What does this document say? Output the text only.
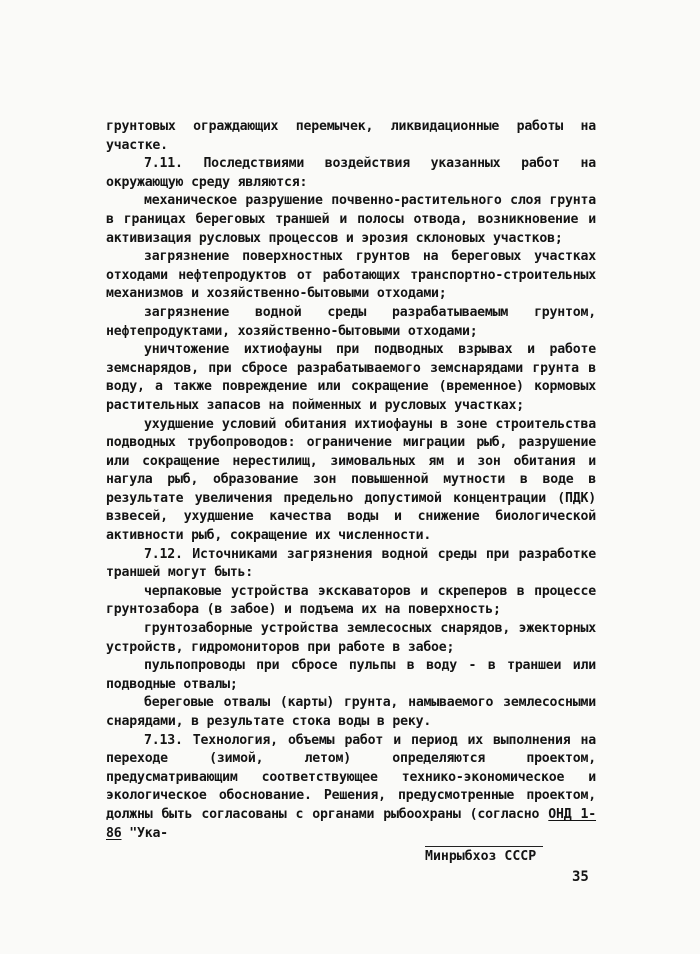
грунтовых ограждающих перемычек, ликвидационные работы на участке.

7.11. Последствиями воздействия указанных работ на окружающую среду являются:

механическое разрушение почвенно-растительного слоя грунта в границах береговых траншей и полосы отвода, возникновение и активизация русловых процессов и эрозия склоновых участков;

загрязнение поверхностных грунтов на береговых участках отходами нефтепродуктов от работающих транспортно-строительных механизмов и хозяйственно-бытовыми отходами;

загрязнение водной среды разрабатываемым грунтом, нефтепродуктами, хозяйственно-бытовыми отходами;

уничтожение ихтиофауны при подводных взрывах и работе земснарядов, при сбросе разрабатываемого земснарядами грунта в воду, а также повреждение или сокращение (временное) кормовых растительных запасов на пойменных и русловых участках;

ухудшение условий обитания ихтиофауны в зоне строительства подводных трубопроводов: ограничение миграции рыб, разрушение или сокращение нерестилищ, зимовальных ям и зон обитания и нагула рыб, образование зон повышенной мутности в воде в результате увеличения предельно допустимой концентрации (ПДК) взвесей, ухудшение качества воды и снижение биологической активности рыб, сокращение их численности.

7.12. Источниками загрязнения водной среды при разработке траншей могут быть:

черпаковые устройства экскаваторов и скреперов в процессе грунтозабора (в забое) и подъема их на поверхность;

грунтозаборные устройства землесосных снарядов, эжекторных устройств, гидромониторов при работе в забое;

пульпопроводы при сбросе пульпы в воду - в траншеи или подводные отвалы;

береговые отвалы (карты) грунта, намываемого землесосными снарядами, в результате стока воды в реку.

7.13. Технология, объемы работ и период их выполнения на переходе (зимой, летом) определяются проектом, предусматривающим соответствующее технико-экономическое и экологическое обоснование. Решения, предусмотренные проектом, должны быть согласованы с органами рыбоохраны (согласно ОНД 1-86 "Ука-

Минрыбхоз СССР
35
